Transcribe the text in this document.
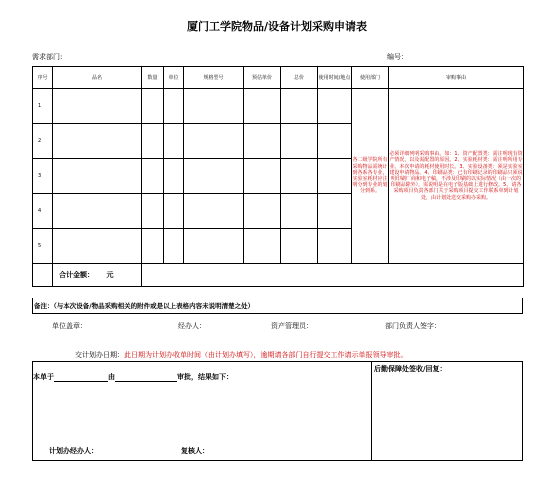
厦门工学院物品/设备计划采购申请表
需求部门:	编号：
序号	品名	数量	单位	规格型号	预估单价	总价	使用时间/地点	使用部门	审购事由
1								各二级学院所有采购物品需统计到各系各专业，实验室耗材应注明分到专业的划分到系。	必须详细列明采购事由。如：1、资产配置类：需注明现有资产情况，以及需配置的原因。2、实验耗材类：需注明所用专业、本次申请的耗材使用时长。3、实验设备类：须是实验室建设申请物品。4、印刷品类：已有印刷记录的印刷品只须说明印刷厂商和电子稿，不涉及印刷的以实际情况（由一次的印刷品除外），需说明是在电子版基础上进行修改。5、请各采购项目负责各部门关于采购项目提交工作联系单到计划处，由计划处送交采购办采购。
2									
3									
4									
5									
	合计金额： 元								
备注：（与本次设备/物品采购相关的附件或是以上表格内容未说明清楚之处）
单位盖章：	经办人：	资产管理员：	部门负责人签字：
交计划办日期：此日期为计划办收单时间（由计划办填写），逾期请各部门自行提交工作请示单报领导审批。
本单于	由	审批，结果如下：
后勤保障处签收/回复：
计划办经办人：	复核人：
